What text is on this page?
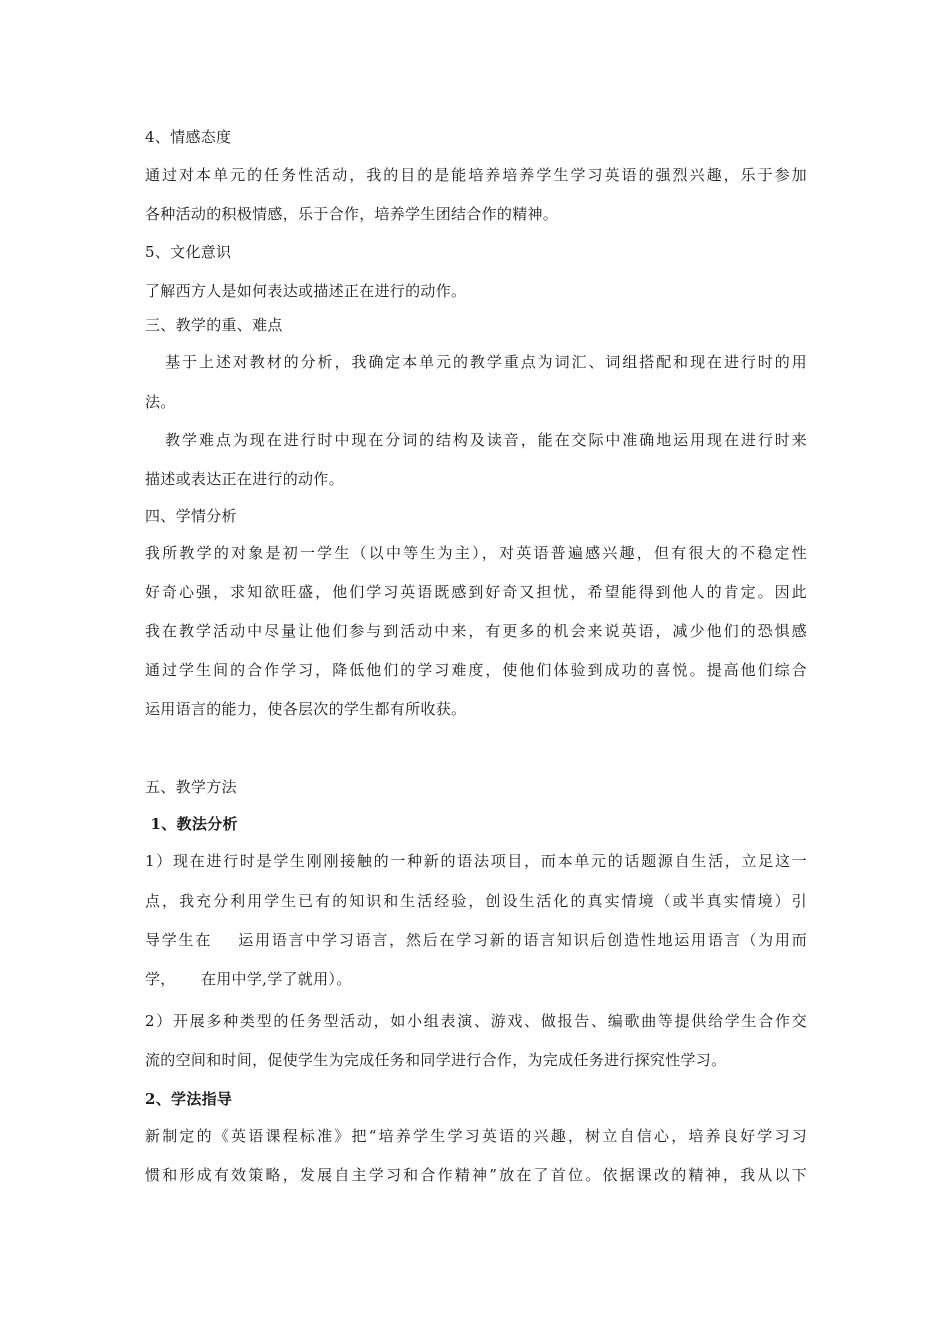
4、情感态度
通过对本单元的任务性活动，我的目的是能培养培养学生学习英语的强烈兴趣，乐于参加
各种活动的积极情感，乐于合作，培养学生团结合作的精神。
5、文化意识
了解西方人是如何表达或描述正在进行的动作。
三、教学的重、难点
基于上述对教材的分析，我确定本单元的教学重点为词汇、词组搭配和现在进行时的用
法。
教学难点为现在进行时中现在分词的结构及读音，能在交际中准确地运用现在进行时来
描述或表达正在进行的动作。
四、学情分析
我所教学的对象是初一学生（以中等生为主），对英语普遍感兴趣，但有很大的不稳定性
好奇心强，求知欲旺盛，他们学习英语既感到好奇又担忧，希望能得到他人的肯定。因此
我在教学活动中尽量让他们参与到活动中来，有更多的机会来说英语，减少他们的恐惧感
通过学生间的合作学习，降低他们的学习难度，使他们体验到成功的喜悦。提高他们综合
运用语言的能力，使各层次的学生都有所收获。
五、教学方法
1、教法分析
1）现在进行时是学生刚刚接触的一种新的语法项目，而本单元的话题源自生活，立足这一
点，我充分利用学生已有的知识和生活经验，创设生活化的真实情境（或半真实情境）引
导学生在    运用语言中学习语言，然后在学习新的语言知识后创造性地运用语言（为用而
学，     在用中学,学了就用）。
2）开展多种类型的任务型活动，如小组表演、游戏、做报告、编歌曲等提供给学生合作交
流的空间和时间，促使学生为完成任务和同学进行合作，为完成任务进行探究性学习。
2、学法指导
新制定的《英语课程标准》把“培养学生学习英语的兴趣，树立自信心，培养良好学习习
惯和形成有效策略，发展自主学习和合作精神”放在了首位。依据课改的精神，我从以下
